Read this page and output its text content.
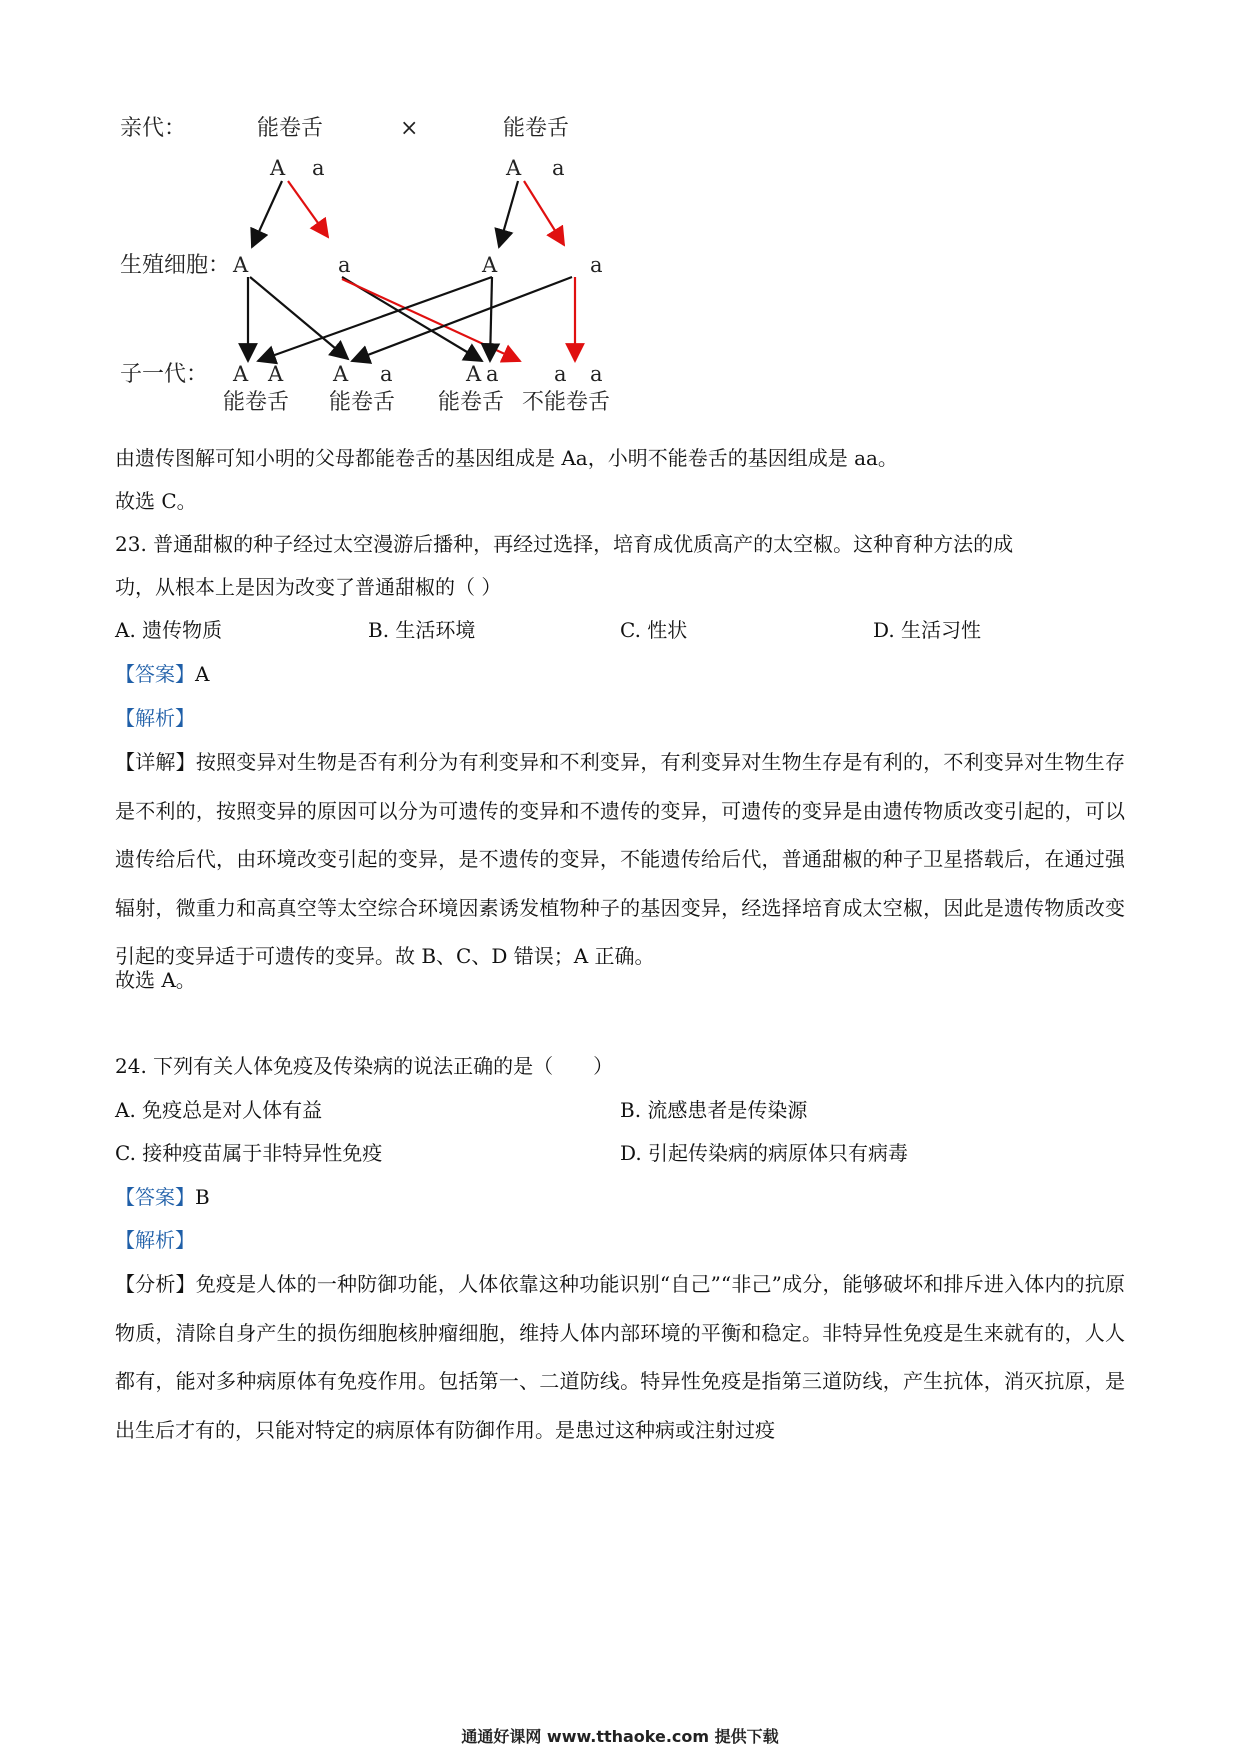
亲代：
生殖细胞：
子一代：
能卷舌	×	能卷舌
A a	A a
A	a	A	a
A A A a	A a	a a
能卷舌 能卷舌 能卷舌 不能卷舌

由遗传图解可知小明的父母都能卷舌的基因组成是 Aa，小明不能卷舌的基因组成是 aa。

故选 C。

23. 普通甜椒的种子经过太空漫游后播种，再经过选择，培育成优质高产的太空椒。这种育种方法的成

功，从根本上是因为改变了普通甜椒的（ ）

A. 遗传物质	B. 生活环境	C. 性状	D. 生活习性

【答案】A

【解析】

【详解】按照变异对生物是否有利分为有利变异和不利变异，有利变异对生物生存是有利的，不利变异对生物生存是不利的，按照变异的原因可以分为可遗传的变异和不遗传的变异，可遗传的变异是由遗传物质改变引起的，可以遗传给后代，由环境改变引起的变异，是不遗传的变异，不能遗传给后代，普通甜椒的种子卫星搭载后，在通过强辐射，微重力和高真空等太空综合环境因素诱发植物种子的基因变异，经选择培育成太空椒，因此是遗传物质改变引起的变异适于可遗传的变异。故 B、C、D 错误；A 正确。

故选 A。

24. 下列有关人体免疫及传染病的说法正确的是（　　）

A. 免疫总是对人体有益	B. 流感患者是传染源

C. 接种疫苗属于非特异性免疫	D. 引起传染病的病原体只有病毒

【答案】B

【解析】

【分析】免疫是人体的一种防御功能，人体依靠这种功能识别“自己”“非己”成分，能够破坏和排斥进入体内的抗原物质，清除自身产生的损伤细胞核肿瘤细胞，维持人体内部环境的平衡和稳定。非特异性免疫是生来就有的，人人都有，能对多种病原体有免疫作用。包括第一、二道防线。特异性免疫是指第三道防线，产生抗体，消灭抗原，是出生后才有的，只能对特定的病原体有防御作用。是患过这种病或注射过疫

通通好课网 www.tthaoke.com 提供下载
